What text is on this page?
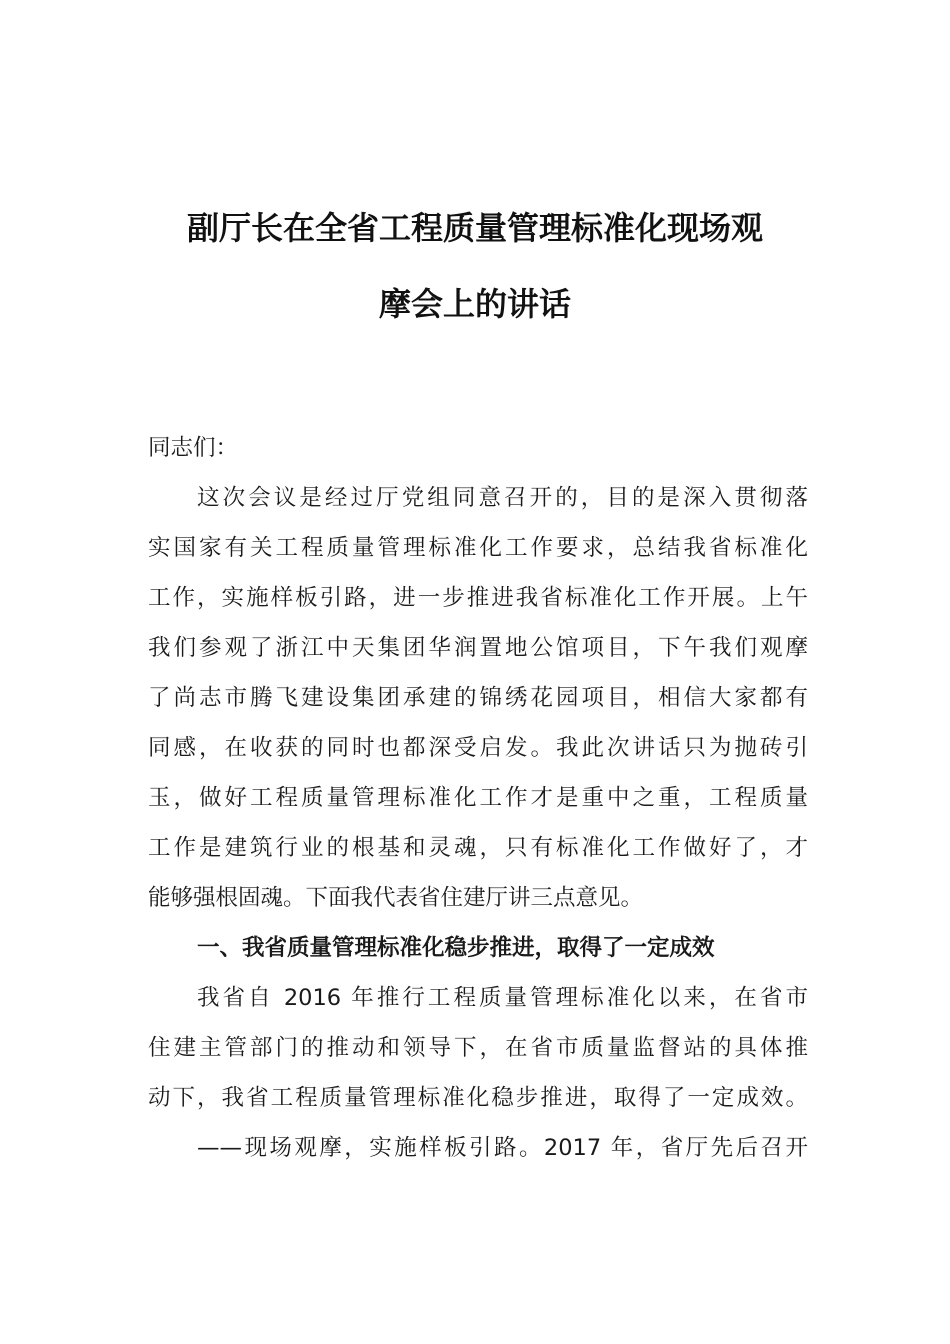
副厅长在全省工程质量管理标准化现场观
摩会上的讲话
同志们：
这次会议是经过厅党组同意召开的，目的是深入贯彻落
实国家有关工程质量管理标准化工作要求，总结我省标准化
工作，实施样板引路，进一步推进我省标准化工作开展。上午
我们参观了浙江中天集团华润置地公馆项目，下午我们观摩
了尚志市腾飞建设集团承建的锦绣花园项目，相信大家都有
同感，在收获的同时也都深受启发。我此次讲话只为抛砖引
玉，做好工程质量管理标准化工作才是重中之重，工程质量
工作是建筑行业的根基和灵魂，只有标准化工作做好了，才
能够强根固魂。下面我代表省住建厅讲三点意见。
一、我省质量管理标准化稳步推进，取得了一定成效
我省自 2016 年推行工程质量管理标准化以来，在省市
住建主管部门的推动和领导下，在省市质量监督站的具体推
动下，我省工程质量管理标准化稳步推进，取得了一定成效。
——现场观摩，实施样板引路。2017 年，省厅先后召开
